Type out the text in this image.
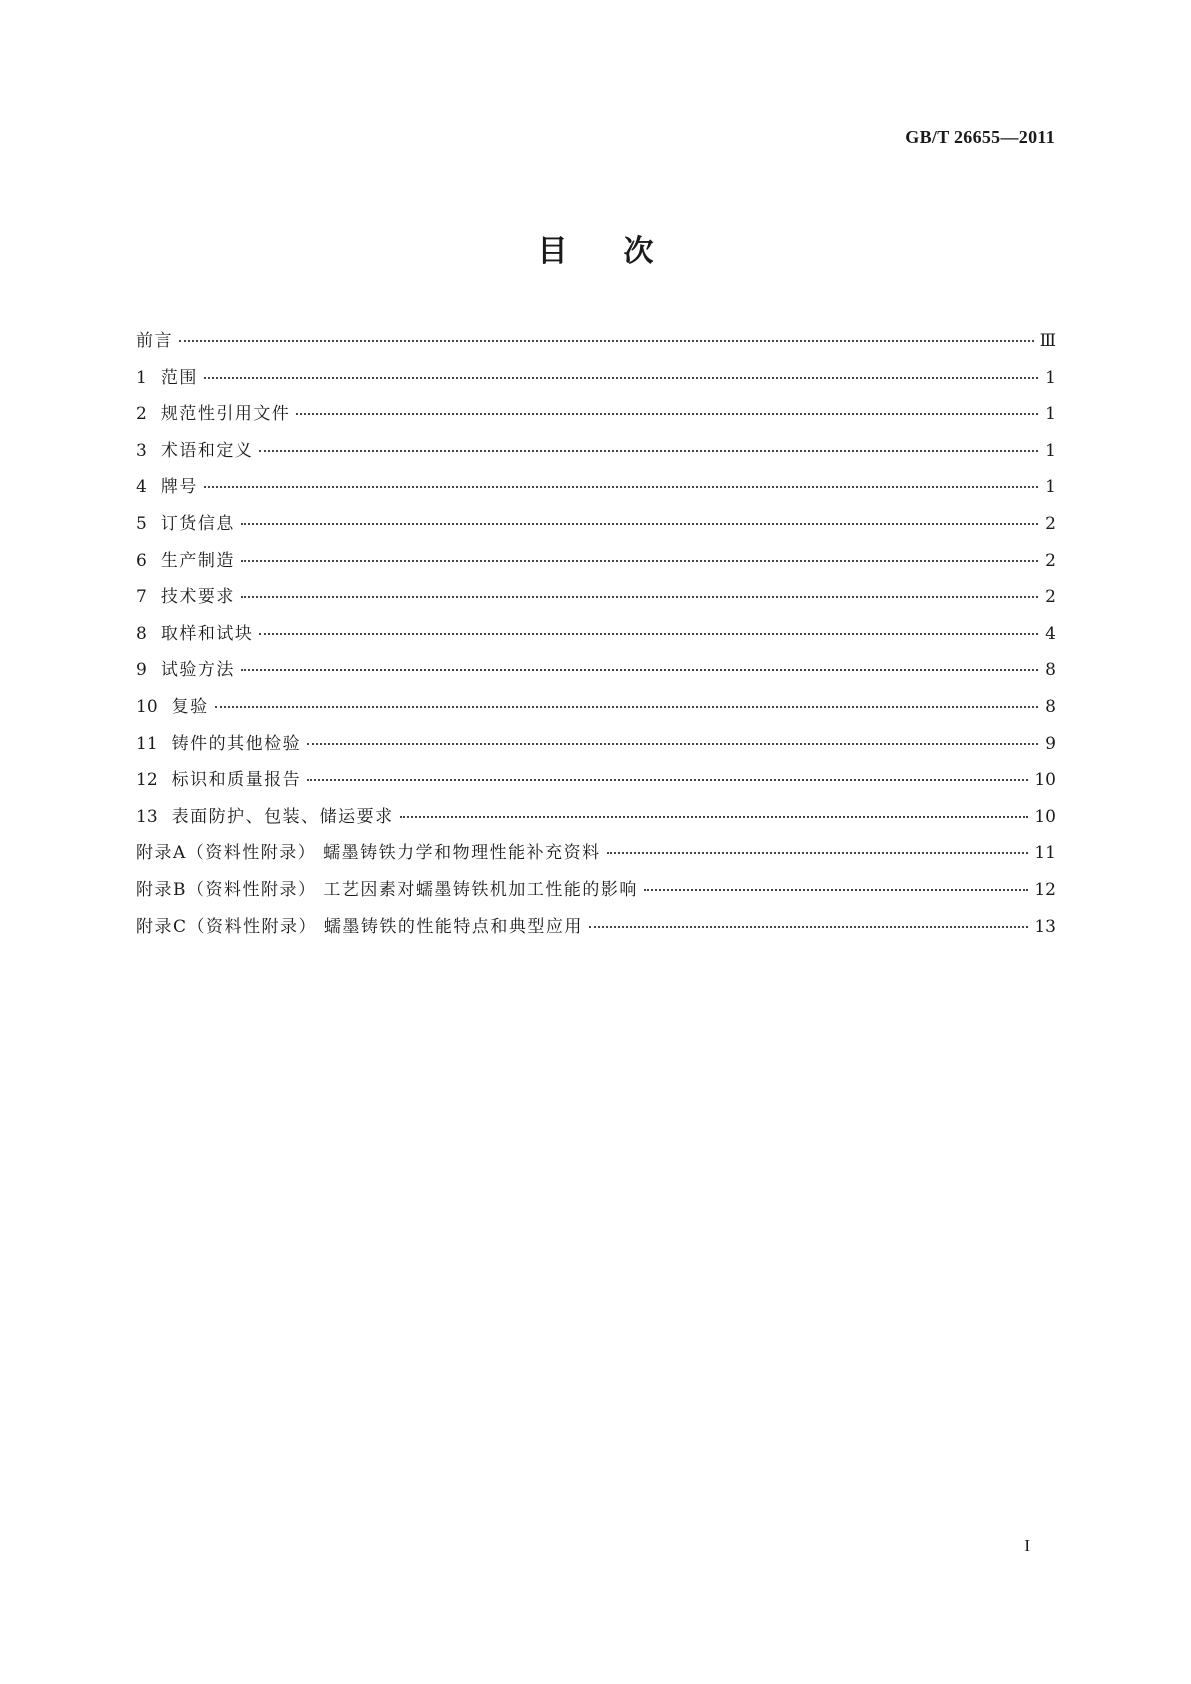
GB/T 26655—2011
目次
前言	Ⅲ
1 范围	1
2 规范性引用文件	1
3 术语和定义	1
4 牌号	1
5 订货信息	2
6 生产制造	2
7 技术要求	2
8 取样和试块	4
9 试验方法	8
10 复验	8
11 铸件的其他检验	9
12 标识和质量报告	10
13 表面防护、包装、储运要求	10
附录A（资料性附录） 蠕墨铸铁力学和物理性能补充资料	11
附录B（资料性附录） 工艺因素对蠕墨铸铁机加工性能的影响	12
附录C（资料性附录） 蠕墨铸铁的性能特点和典型应用	13
I
